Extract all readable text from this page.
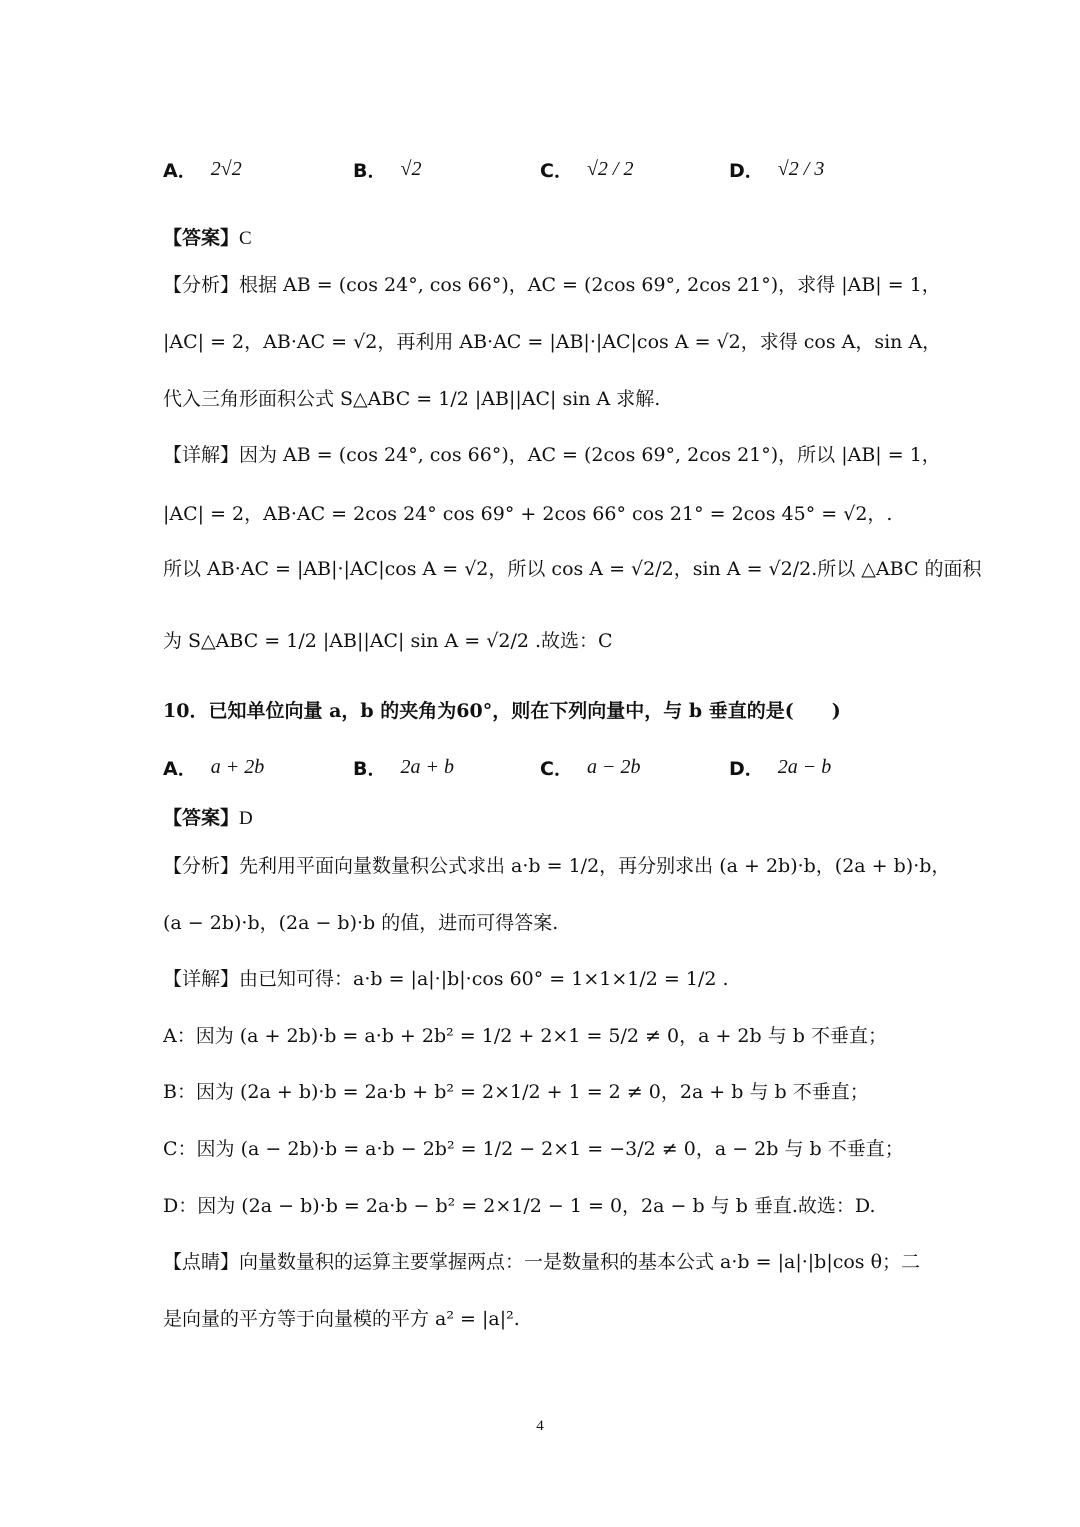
A． 2√2	B． √2	C． √2 / 2	D． √2 / 3
【答案】C
【分析】根据 AB = (cos 24°, cos 66°)，AC = (2cos 69°, 2cos 21°)，求得 |AB| = 1，
|AC| = 2，AB·AC = √2，再利用 AB·AC = |AB|·|AC|cos A = √2，求得 cos A，sin A，
代入三角形面积公式 S△ABC = 1/2 |AB||AC| sin A 求解.
【详解】因为 AB = (cos 24°, cos 66°)，AC = (2cos 69°, 2cos 21°)，所以 |AB| = 1，
|AC| = 2，AB·AC = 2cos 24° cos 69° + 2cos 66° cos 21° = 2cos 45° = √2，.
所以 AB·AC = |AB|·|AC|cos A = √2，所以 cos A = √2/2，sin A = √2/2.所以 △ABC 的面积
为 S△ABC = 1/2 |AB||AC| sin A = √2/2 .故选：C
10．已知单位向量 a，b 的夹角为60°，则在下列向量中，与 b 垂直的是(　　)
A． a + 2b	B． 2a + b	C． a − 2b	D． 2a − b
【答案】D
【分析】先利用平面向量数量积公式求出 a·b = 1/2，再分别求出 (a + 2b)·b，(2a + b)·b，
(a − 2b)·b，(2a − b)·b 的值，进而可得答案.
【详解】由已知可得：a·b = |a|·|b|·cos 60° = 1×1×1/2 = 1/2 .
A：因为 (a + 2b)·b = a·b + 2b² = 1/2 + 2×1 = 5/2 ≠ 0，a + 2b 与 b 不垂直；
B：因为 (2a + b)·b = 2a·b + b² = 2×1/2 + 1 = 2 ≠ 0，2a + b 与 b 不垂直；
C：因为 (a − 2b)·b = a·b − 2b² = 1/2 − 2×1 = −3/2 ≠ 0，a − 2b 与 b 不垂直；
D：因为 (2a − b)·b = 2a·b − b² = 2×1/2 − 1 = 0，2a − b 与 b 垂直.故选：D.
【点睛】向量数量积的运算主要掌握两点：一是数量积的基本公式 a·b = |a|·|b|cos θ；二
是向量的平方等于向量模的平方 a² = |a|².
4
